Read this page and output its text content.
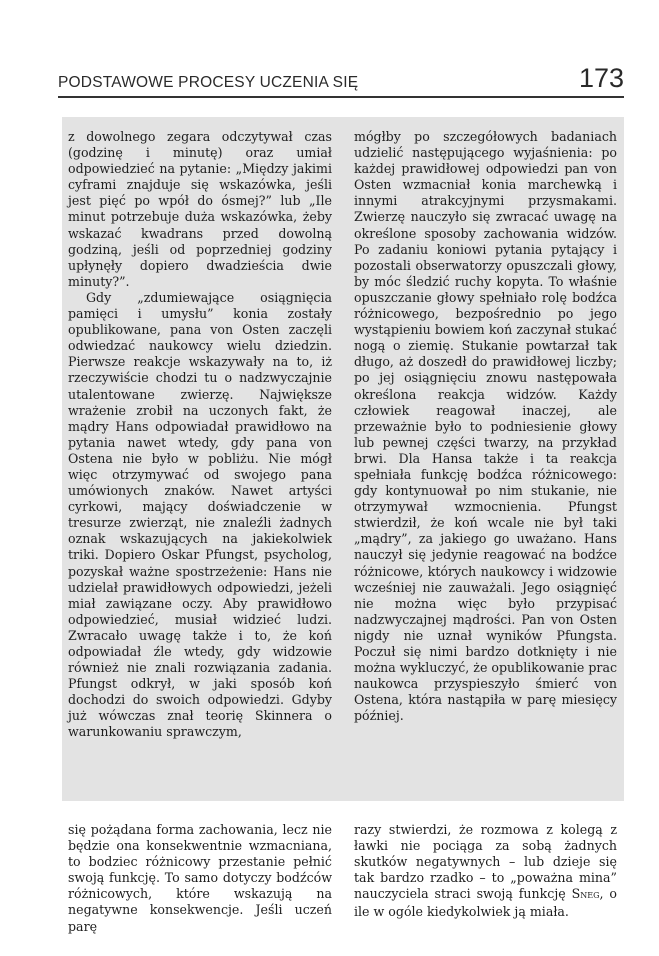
PODSTAWOWE PROCESY UCZENIA SIĘ	173

z dowolnego zegara odczytywał czas (godzinę i minutę) oraz umiał odpowiedzieć na pytanie: „Między jakimi cyframi znajduje się wskazówka, jeśli jest pięć po wpół do ósmej?” lub „Ile minut potrzebuje duża wskazówka, żeby wskazać kwadrans przed dowolną godziną, jeśli od poprzedniej godziny upłynęły dopiero dwadzieścia dwie minuty?”.

Gdy „zdumiewające osiągnięcia pamięci i umysłu” konia zostały opublikowane, pana von Osten zaczęli odwiedzać naukowcy wielu dziedzin. Pierwsze reakcje wskazywały na to, iż rzeczywiście chodzi tu o nadzwyczajnie utalentowane zwierzę. Największe wrażenie zrobił na uczonych fakt, że mądry Hans odpowiadał prawidłowo na pytania nawet wtedy, gdy pana von Ostena nie było w pobliżu. Nie mógł więc otrzymywać od swojego pana umówionych znaków. Nawet artyści cyrkowi, mający doświadczenie w tresurze zwierząt, nie znaleźli żadnych oznak wskazujących na jakiekolwiek triki. Dopiero Oskar Pfungst, psycholog, pozyskał ważne spostrzeżenie: Hans nie udzielał prawidłowych odpowiedzi, jeżeli miał zawiązane oczy. Aby prawidłowo odpowiedzieć, musiał widzieć ludzi. Zwracało uwagę także i to, że koń odpowiadał źle wtedy, gdy widzowie również nie znali rozwiązania zadania. Pfungst odkrył, w jaki sposób koń dochodzi do swoich odpowiedzi. Gdyby już wówczas znał teorię Skinnera o warunkowaniu sprawczym,

mógłby po szczegółowych badaniach udzielić następującego wyjaśnienia: po każdej prawidłowej odpowiedzi pan von Osten wzmacniał konia marchewką i innymi atrakcyjnymi przysmakami. Zwierzę nauczyło się zwracać uwagę na określone sposoby zachowania widzów. Po zadaniu koniowi pytania pytający i pozostali obserwatorzy opuszczali głowy, by móc śledzić ruchy kopyta. To właśnie opuszczanie głowy spełniało rolę bodźca różnicowego, bezpośrednio po jego wystąpieniu bowiem koń zaczynał stukać nogą o ziemię. Stukanie powtarzał tak długo, aż doszedł do prawidłowej liczby; po jej osiągnięciu znowu następowała określona reakcja widzów. Każdy człowiek reagował inaczej, ale przeważnie było to podniesienie głowy lub pewnej części twarzy, na przykład brwi. Dla Hansa także i ta reakcja spełniała funkcję bodźca różnicowego: gdy kontynuował po nim stukanie, nie otrzymywał wzmocnienia. Pfungst stwierdził, że koń wcale nie był taki „mądry”, za jakiego go uważano. Hans nauczył się jedynie reagować na bodźce różnicowe, których naukowcy i widzowie wcześniej nie zauważali. Jego osiągnięć nie można więc było przypisać nadzwyczajnej mądrości. Pan von Osten nigdy nie uznał wyników Pfungsta. Poczuł się nimi bardzo dotknięty i nie można wykluczyć, że opublikowanie prac naukowca przyspieszyło śmierć von Ostena, która nastąpiła w parę miesięcy później.

się pożądana forma zachowania, lecz nie będzie ona konsekwentnie wzmacniana, to bodziec różnicowy przestanie pełnić swoją funkcję. To samo dotyczy bodźców różnicowych, które wskazują na negatywne konsekwencje. Jeśli uczeń parę

razy stwierdzi, że rozmowa z kolegą z ławki nie pociąga za sobą żadnych skutków negatywnych – lub dzieje się tak bardzo rzadko – to „poważna mina” nauczyciela straci swoją funkcję SNEG, o ile w ogóle kiedykolwiek ją miała.
